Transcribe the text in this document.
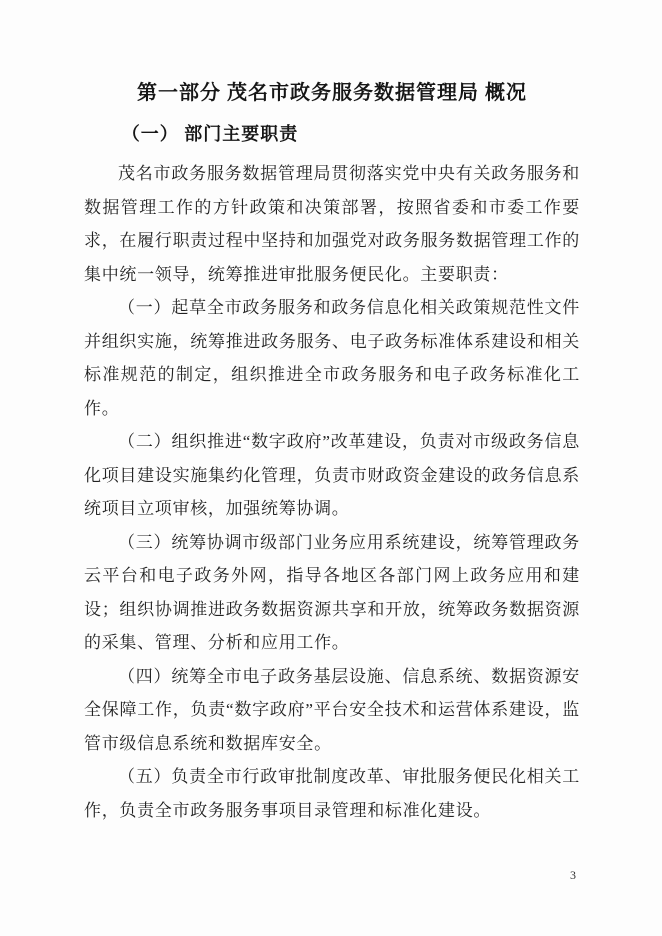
第一部分 茂名市政务服务数据管理局 概况
（一） 部门主要职责

茂名市政务服务数据管理局贯彻落实党中央有关政务服务和数据管理工作的方针政策和决策部署，按照省委和市委工作要求，在履行职责过程中坚持和加强党对政务服务数据管理工作的集中统一领导，统筹推进审批服务便民化。主要职责：

（一）起草全市政务服务和政务信息化相关政策规范性文件并组织实施，统筹推进政务服务、电子政务标准体系建设和相关标准规范的制定，组织推进全市政务服务和电子政务标准化工作。

（二）组织推进“数字政府”改革建设，负责对市级政务信息化项目建设实施集约化管理，负责市财政资金建设的政务信息系统项目立项审核，加强统筹协调。

（三）统筹协调市级部门业务应用系统建设，统筹管理政务云平台和电子政务外网，指导各地区各部门网上政务应用和建设；组织协调推进政务数据资源共享和开放，统筹政务数据资源的采集、管理、分析和应用工作。

（四）统筹全市电子政务基层设施、信息系统、数据资源安全保障工作，负责“数字政府”平台安全技术和运营体系建设，监管市级信息系统和数据库安全。

（五）负责全市行政审批制度改革、审批服务便民化相关工作，负责全市政务服务事项目录管理和标准化建设。

3
